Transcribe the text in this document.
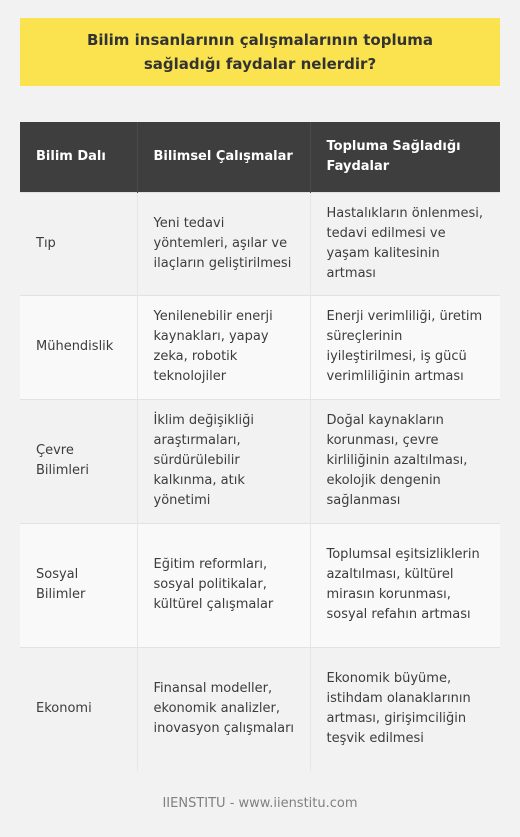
Bilim insanlarının çalışmalarının topluma sağladığı faydalar nelerdir?
Bilim Dalı	Bilimsel Çalışmalar	Topluma Sağladığı Faydalar
Tıp	Yeni tedavi yöntemleri, aşılar ve ilaçların geliştirilmesi	Hastalıkların önlenmesi, tedavi edilmesi ve yaşam kalitesinin artması
Mühendislik	Yenilenebilir enerji kaynakları, yapay zeka, robotik teknolojiler	Enerji verimliliği, üretim süreçlerinin iyileştirilmesi, iş gücü verimliliğinin artması
Çevre Bilimleri	İklim değişikliği araştırmaları, sürdürülebilir kalkınma, atık yönetimi	Doğal kaynakların korunması, çevre kirliliğinin azaltılması, ekolojik dengenin sağlanması
Sosyal Bilimler	Eğitim reformları, sosyal politikalar, kültürel çalışmalar	Toplumsal eşitsizliklerin azaltılması, kültürel mirasın korunması, sosyal refahın artması
Ekonomi	Finansal modeller, ekonomik analizler, inovasyon çalışmaları	Ekonomik büyüme, istihdam olanaklarının artması, girişimciliğin teşvik edilmesi
IIENSTITU - www.iienstitu.com
